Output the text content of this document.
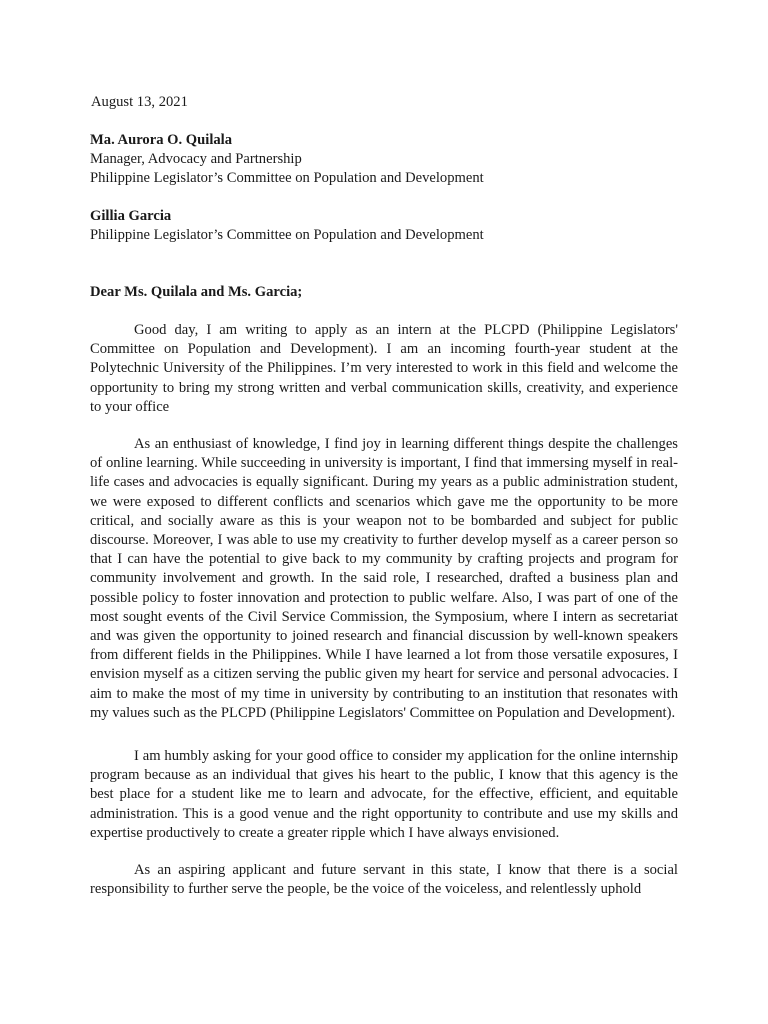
August 13, 2021

Ma. Aurora O. Quilala
Manager, Advocacy and Partnership
Philippine Legislator’s Committee on Population and Development
Gillia Garcia
Philippine Legislator’s Committee on Population and Development

Dear Ms. Quilala and Ms. Garcia;

Good day, I am writing to apply as an intern at the PLCPD (Philippine Legislators' Committee on Population and Development). I am an incoming fourth-year student at the Polytechnic University of the Philippines. I’m very interested to work in this field and welcome the opportunity to bring my strong written and verbal communication skills, creativity, and experience to your office

As an enthusiast of knowledge, I find joy in learning different things despite the challenges of online learning. While succeeding in university is important, I find that immersing myself in real-life cases and advocacies is equally significant. During my years as a public administration student, we were exposed to different conflicts and scenarios which gave me the opportunity to be more critical, and socially aware as this is your weapon not to be bombarded and subject for public discourse. Moreover, I was able to use my creativity to further develop myself as a career person so that I can have the potential to give back to my community by crafting projects and program for community involvement and growth. In the said role, I researched, drafted a business plan and possible policy to foster innovation and protection to public welfare. Also, I was part of one of the most sought events of the Civil Service Commission, the Symposium, where I intern as secretariat and was given the opportunity to joined research and financial discussion by well-known speakers from different fields in the Philippines. While I have learned a lot from those versatile exposures, I envision myself as a citizen serving the public given my heart for service and personal advocacies. I aim to make the most of my time in university by contributing to an institution that resonates with my values such as the PLCPD (Philippine Legislators' Committee on Population and Development).

I am humbly asking for your good office to consider my application for the online internship program because as an individual that gives his heart to the public, I know that this agency is the best place for a student like me to learn and advocate, for the effective, efficient, and equitable administration. This is a good venue and the right opportunity to contribute and use my skills and expertise productively to create a greater ripple which I have always envisioned.

As an aspiring applicant and future servant in this state, I know that there is a social responsibility to further serve the people, be the voice of the voiceless, and relentlessly uphold
